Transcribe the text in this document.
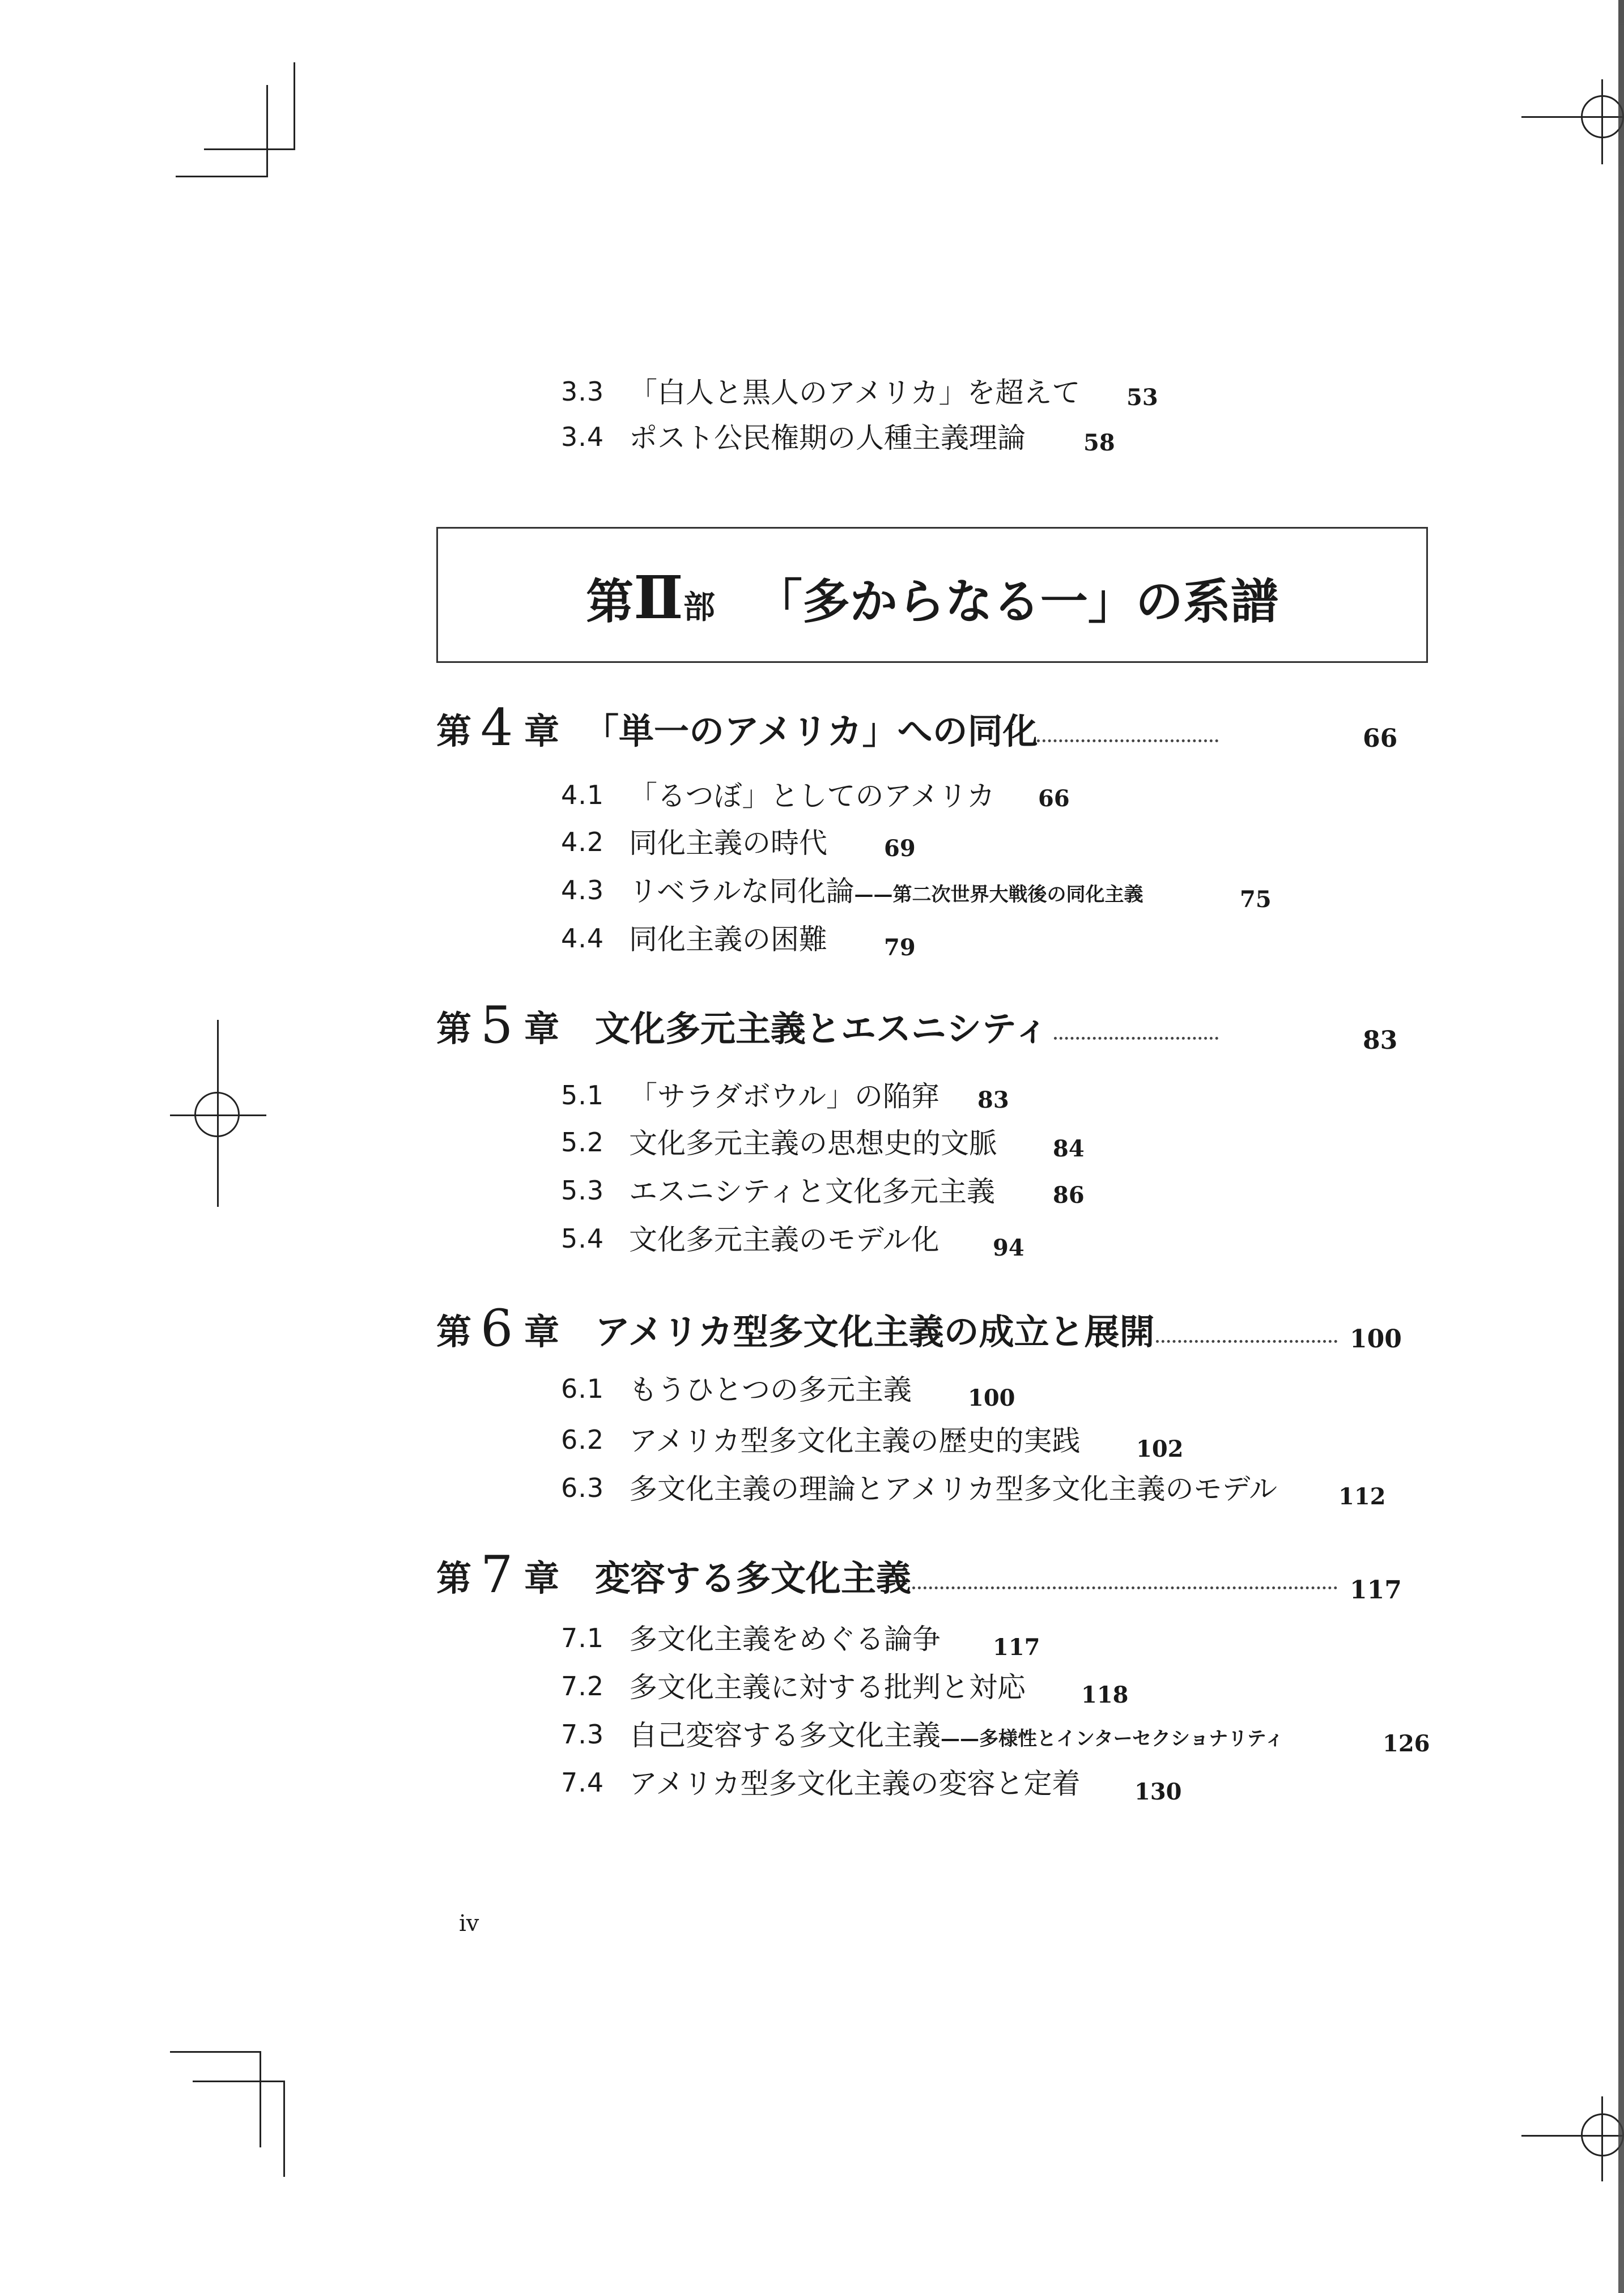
3.3 「白人と黒人のアメリカ」を超えて 53
3.4 ポスト公民権期の人種主義理論	58
第Ⅱ部 「多からなる一」の系譜
第 4 章 「単一のアメリカ」への同化	66
4.1 「るつぼ」としてのアメリカ 66
4.2 同化主義の時代	69
4.3 リベラルな同化論——第二次世界大戦後の同化主義	75
4.4 同化主義の困難	79
第 5 章 文化多元主義とエスニシティ	83
5.1 「サラダボウル」の陥穽 83
5.2 文化多元主義の思想史的文脈 84
5.3 エスニシティと文化多元主義	86
5.4 文化多元主義のモデル化 94
第 6 章 アメリカ型多文化主義の成立と展開	100
6.1 もうひとつの多元主義 100
6.2 アメリカ型多文化主義の歴史的実践 102
6.3 多文化主義の理論とアメリカ型多文化主義のモデル	112
第 7 章 変容する多文化主義	117
7.1 多文化主義をめぐる論争 117
7.2 多文化主義に対する批判と対応 118
7.3 自己変容する多文化主義——多様性とインターセクショナリティ	126
7.4 アメリカ型多文化主義の変容と定着 130
iv
